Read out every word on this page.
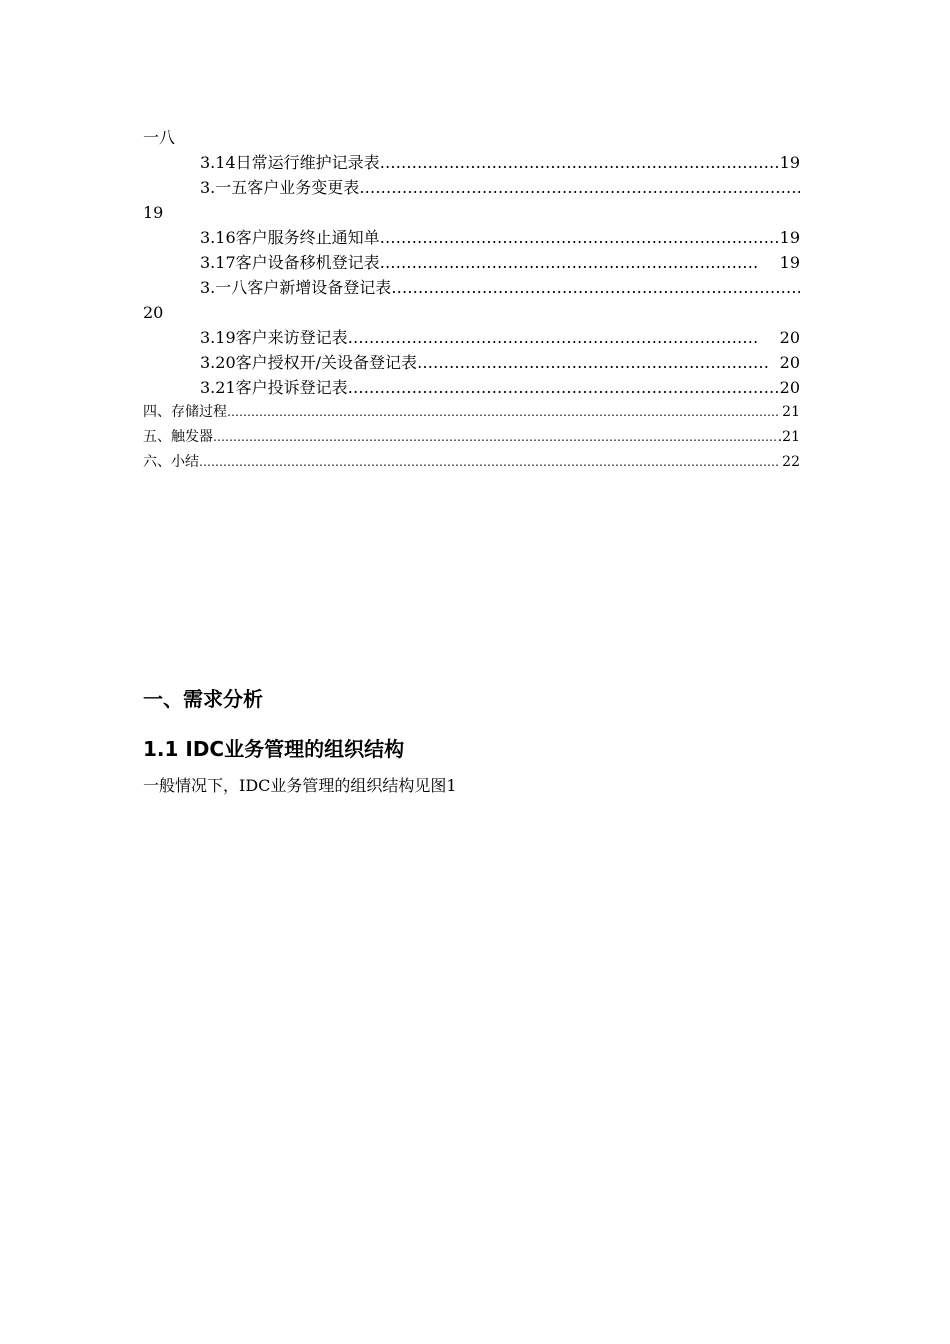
一八
3.14日常运行维护记录表 ………………………………………………………………………………………………………………………………………………………………………………………………………………	19
3.一五客户业务变更表
………………………………………………………………………………………………………………………………………………………………………………………………………………
19
3.16客户服务终止通知单 ………………………………………………………………………………………………………………………………………………………………………………………………………………	19
3.17客户设备移机登记表 ………………………………………………………………………………………………………………………………………………………………………………………………………………	19
3.一八客户新增设备登记表
………………………………………………………………………………………………………………………………………………………………………………………………………………
20
3.19客户来访登记表 ………………………………………………………………………………………………………………………………………………………………………………………………………………	20
3.20客户授权开/关设备登记表 ………………………………………………………………………………………………………………………………………………………………………………………………………………	20
3.21客户投诉登记表 ………………………………………………………………………………………………………………………………………………………………………………………………………………	20
四、存储过程 ……………………………………………………………………………………………………………………………………………………………………………………………………………………………………………………………	21
五、触发器 ……………………………………………………………………………………………………………………………………………………………………………………………………………………………………………………………	.21
六、小结 ……………………………………………………………………………………………………………………………………………………………………………………………………………………………………………………………	22
一、需求分析
1.1 IDC业务管理的组织结构
一般情况下，IDC业务管理的组织结构见图1
